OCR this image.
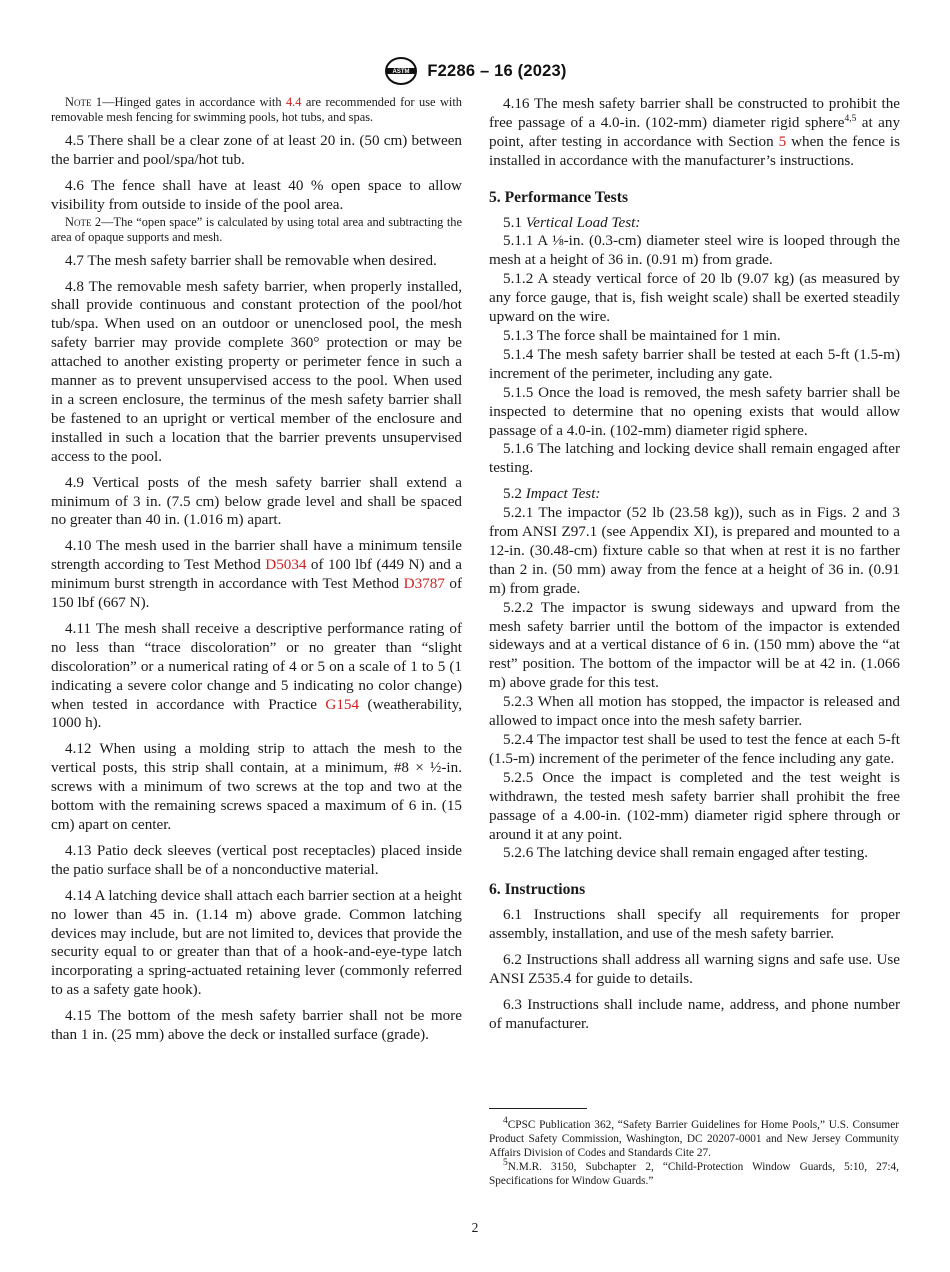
ASTM F2286 – 16 (2023)

Note 1—Hinged gates in accordance with 4.4 are recommended for use with removable mesh fencing for swimming pools, hot tubs, and spas.

4.5 There shall be a clear zone of at least 20 in. (50 cm) between the barrier and pool/spa/hot tub.

4.6 The fence shall have at least 40 % open space to allow visibility from outside to inside of the pool area.

Note 2—The “open space” is calculated by using total area and subtracting the area of opaque supports and mesh.

4.7 The mesh safety barrier shall be removable when desired.

4.8 The removable mesh safety barrier, when properly installed, shall provide continuous and constant protection of the pool/hot tub/spa. When used on an outdoor or unenclosed pool, the mesh safety barrier may provide complete 360° protection or may be attached to another existing property or perimeter fence in such a manner as to prevent unsupervised access to the pool. When used in a screen enclosure, the terminus of the mesh safety barrier shall be fastened to an upright or vertical member of the enclosure and installed in such a location that the barrier prevents unsupervised access to the pool.

4.9 Vertical posts of the mesh safety barrier shall extend a minimum of 3 in. (7.5 cm) below grade level and shall be spaced no greater than 40 in. (1.016 m) apart.

4.10 The mesh used in the barrier shall have a minimum tensile strength according to Test Method D5034 of 100 lbf (449 N) and a minimum burst strength in accordance with Test Method D3787 of 150 lbf (667 N).

4.11 The mesh shall receive a descriptive performance rating of no less than “trace discoloration” or no greater than “slight discoloration” or a numerical rating of 4 or 5 on a scale of 1 to 5 (1 indicating a severe color change and 5 indicating no color change) when tested in accordance with Practice G154 (weatherability, 1000 h).

4.12 When using a molding strip to attach the mesh to the vertical posts, this strip shall contain, at a minimum, #8 × ½-in. screws with a minimum of two screws at the top and two at the bottom with the remaining screws spaced a maximum of 6 in. (15 cm) apart on center.

4.13 Patio deck sleeves (vertical post receptacles) placed inside the patio surface shall be of a nonconductive material.

4.14 A latching device shall attach each barrier section at a height no lower than 45 in. (1.14 m) above grade. Common latching devices may include, but are not limited to, devices that provide the security equal to or greater than that of a hook-and-eye-type latch incorporating a spring-actuated retaining lever (commonly referred to as a safety gate hook).

4.15 The bottom of the mesh safety barrier shall not be more than 1 in. (25 mm) above the deck or installed surface (grade).

4.16 The mesh safety barrier shall be constructed to prohibit the free passage of a 4.0-in. (102-mm) diameter rigid sphere$^{4,5}$ at any point, after testing in accordance with Section 5 when the fence is installed in accordance with the manufacturer’s instructions.

5. Performance Tests

5.1 Vertical Load Test:

5.1.1 A ⅛-in. (0.3-cm) diameter steel wire is looped through the mesh at a height of 36 in. (0.91 m) from grade.

5.1.2 A steady vertical force of 20 lb (9.07 kg) (as measured by any force gauge, that is, fish weight scale) shall be exerted steadily upward on the wire.

5.1.3 The force shall be maintained for 1 min.

5.1.4 The mesh safety barrier shall be tested at each 5-ft (1.5-m) increment of the perimeter, including any gate.

5.1.5 Once the load is removed, the mesh safety barrier shall be inspected to determine that no opening exists that would allow passage of a 4.0-in. (102-mm) diameter rigid sphere.

5.1.6 The latching and locking device shall remain engaged after testing.

5.2 Impact Test:

5.2.1 The impactor (52 lb (23.58 kg)), such as in Figs. 2 and 3 from ANSI Z97.1 (see Appendix XI), is prepared and mounted to a 12-in. (30.48-cm) fixture cable so that when at rest it is no farther than 2 in. (50 mm) away from the fence at a height of 36 in. (0.91 m) from grade.

5.2.2 The impactor is swung sideways and upward from the mesh safety barrier until the bottom of the impactor is extended sideways and at a vertical distance of 6 in. (150 mm) above the “at rest” position. The bottom of the impactor will be at 42 in. (1.066 m) above grade for this test.

5.2.3 When all motion has stopped, the impactor is released and allowed to impact once into the mesh safety barrier.

5.2.4 The impactor test shall be used to test the fence at each 5-ft (1.5-m) increment of the perimeter of the fence including any gate.

5.2.5 Once the impact is completed and the test weight is withdrawn, the tested mesh safety barrier shall prohibit the free passage of a 4.00-in. (102-mm) diameter rigid sphere through or around it at any point.

5.2.6 The latching device shall remain engaged after testing.

6. Instructions

6.1 Instructions shall specify all requirements for proper assembly, installation, and use of the mesh safety barrier.

6.2 Instructions shall address all warning signs and safe use. Use ANSI Z535.4 for guide to details.

6.3 Instructions shall include name, address, and phone number of manufacturer.

$^4$CPSC Publication 362, “Safety Barrier Guidelines for Home Pools,” U.S. Consumer Product Safety Commission, Washington, DC 20207-0001 and New Jersey Community Affairs Division of Codes and Standards Cite 27.

$^5$N.M.R. 3150, Subchapter 2, “Child-Protection Window Guards, 5:10, 27:4, Specifications for Window Guards.”

2
